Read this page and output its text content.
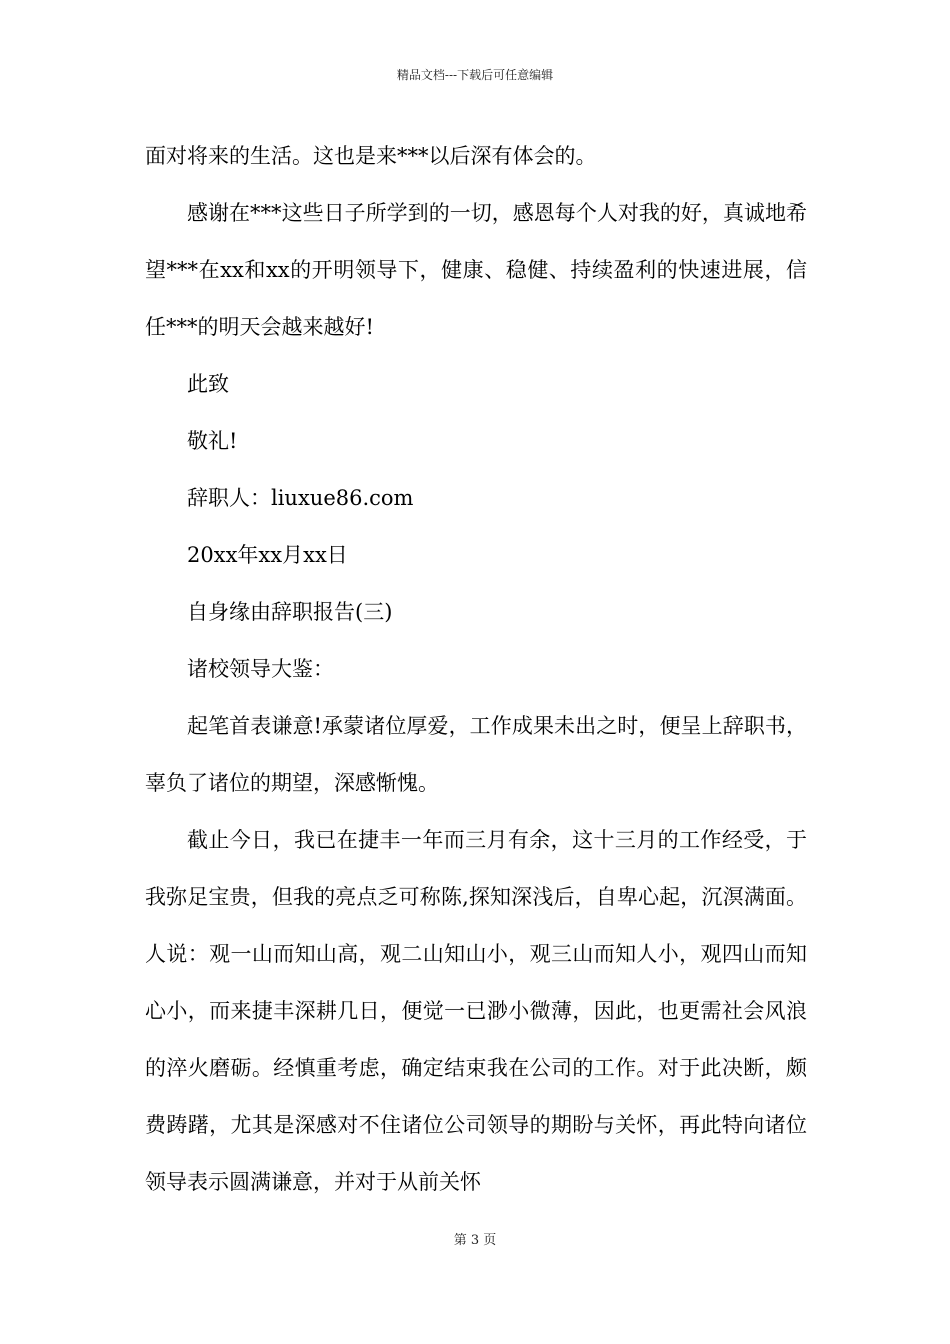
精品文档---下载后可任意编辑

面对将来的生活。这也是来***以后深有体会的。

感谢在***这些日子所学到的一切，感恩每个人对我的好，真诚地希望***在xx和xx的开明领导下，健康、稳健、持续盈利的快速进展，信任***的明天会越来越好!

此致

敬礼!

辞职人：liuxue86.com

20xx年xx月xx日

自身缘由辞职报告(三)

诸校领导大鉴：

起笔首表谦意!承蒙诸位厚爱，工作成果未出之时，便呈上辞职书，辜负了诸位的期望，深感惭愧。

截止今日，我已在捷丰一年而三月有余，这十三月的工作经受，于我弥足宝贵，但我的亮点乏可称陈,探知深浅后，自卑心起，沉溟满面。人说：观一山而知山高，观二山知山小，观三山而知人小，观四山而知心小，而来捷丰深耕几日，便觉一已渺小微薄，因此，也更需社会风浪的淬火磨砺。经慎重考虑，确定结束我在公司的工作。对于此决断，颇费踌躇，尤其是深感对不住诸位公司领导的期盼与关怀，再此特向诸位领导表示圆满谦意，并对于从前关怀

第 3 页
